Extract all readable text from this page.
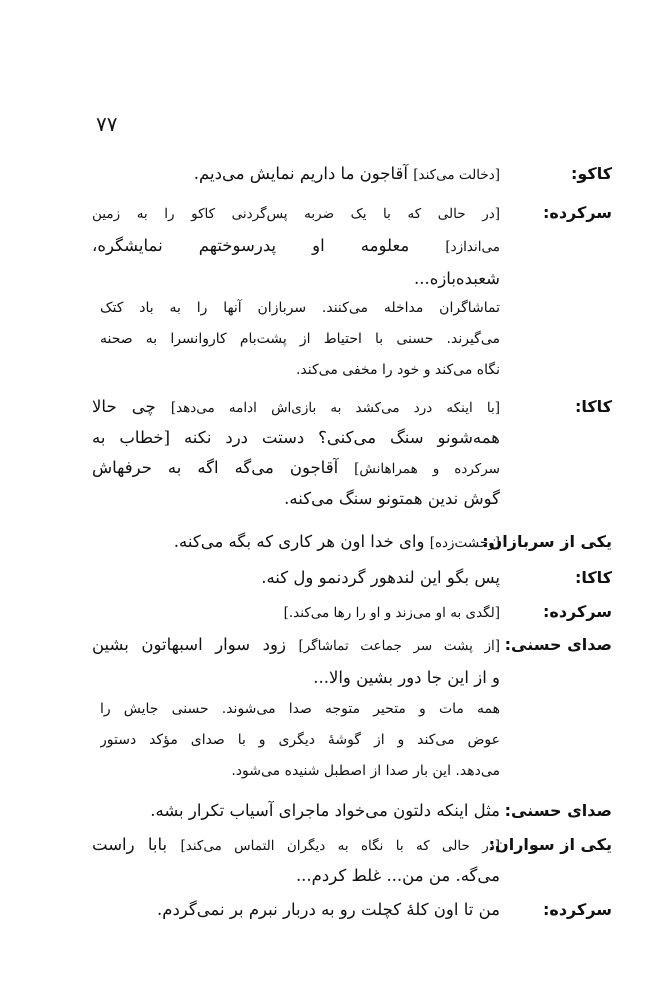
۷۷
کاکو:
[دخالت می‌کند] آقاجون ما داریم نمایش می‌دیم.
سرکرده:
[در حالی که با یک ضربه پس‌گردنی کاکو را به زمین
می‌اندازد] معلومه او پدرسوختهم نمایشگره،
شعبده‌بازه...
تماشاگران مداخله می‌کنند. سربازان آنها را به باد کتک
می‌گیرند. حسنی با احتیاط از پشت‌بام کاروانسرا به صحنه
نگاه می‌کند و خود را مخفی می‌کند.
کاکا:
[با اینکه درد می‌کشد به بازی‌اش ادامه می‌دهد] چی حالا
همه‌شونو سنگ می‌کنی؟ دستت درد نکنه [خطاب به
سرکرده و همراهانش] آقاجون می‌گه اگه به حرفهاش
گوش ندین همتونو سنگ می‌کنه.
یکی از سربازان:
[وحشت‌زده] وای خدا اون هر کاری که بگه می‌کنه.
کاکا:
پس بگو این لندهور گردنمو ول کنه.
سرکرده:
[لگدی به او می‌زند و او را رها می‌کند.]
صدای حسنی:
[از پشت سر جماعت تماشاگر] زود سوار اسبهاتون بشین
و از این جا دور بشین والا...
همه مات و متحیر متوجه صدا می‌شوند. حسنی جایش را
عوض می‌کند و از گوشهٔ دیگری و با صدای مؤکد دستور
می‌دهد. این بار صدا از اصطبل شنیده می‌شود.
صدای حسنی:
مثل اینکه دلتون می‌خواد ماجرای آسیاب تکرار بشه.
یکی از سواران:
[در حالی که با نگاه به دیگران التماس می‌کند] بابا راست
می‌گه. من من... غلط کردم...
سرکرده:
من تا اون کلهٔ کچلت رو به دربار نبرم بر نمی‌گردم.
